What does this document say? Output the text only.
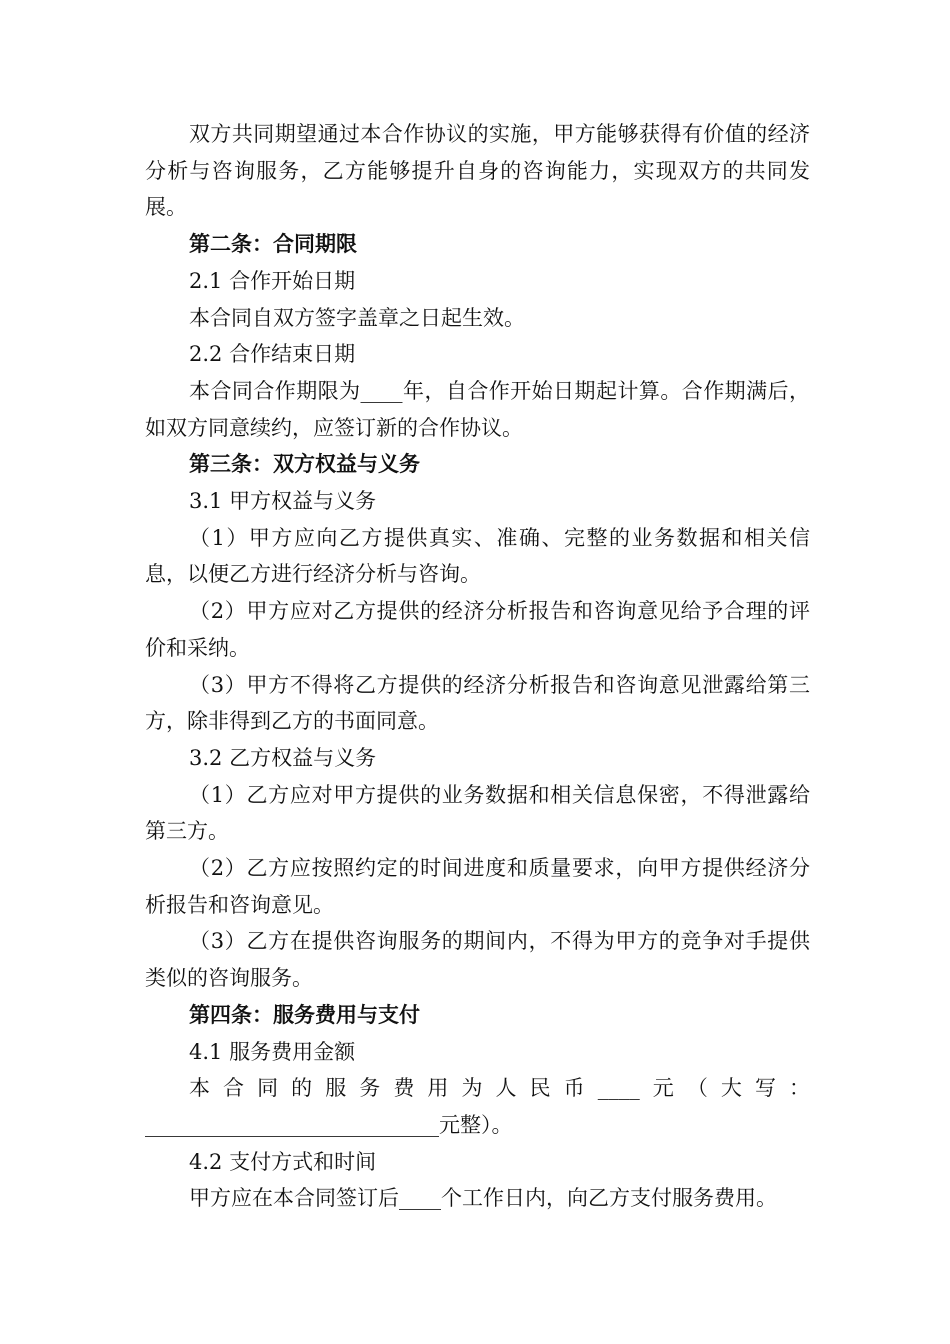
双方共同期望通过本合作协议的实施，甲方能够获得有价值的经济分析与咨询服务，乙方能够提升自身的咨询能力，实现双方的共同发展。

第二条：合同期限

2.1 合作开始日期

本合同自双方签字盖章之日起生效。

2.2 合作结束日期

本合同合作期限为____年，自合作开始日期起计算。合作期满后，如双方同意续约，应签订新的合作协议。

第三条：双方权益与义务

3.1 甲方权益与义务

（1）甲方应向乙方提供真实、准确、完整的业务数据和相关信息，以便乙方进行经济分析与咨询。

（2）甲方应对乙方提供的经济分析报告和咨询意见给予合理的评价和采纳。

（3）甲方不得将乙方提供的经济分析报告和咨询意见泄露给第三方，除非得到乙方的书面同意。

3.2 乙方权益与义务

（1）乙方应对甲方提供的业务数据和相关信息保密，不得泄露给第三方。

（2）乙方应按照约定的时间进度和质量要求，向甲方提供经济分析报告和咨询意见。

（3）乙方在提供咨询服务的期间内，不得为甲方的竞争对手提供类似的咨询服务。

第四条：服务费用与支付

4.1 服务费用金额

本合同的服务费用为人民币____元（大写：____________________________元整）。

4.2 支付方式和时间

甲方应在本合同签订后____个工作日内，向乙方支付服务费用。
